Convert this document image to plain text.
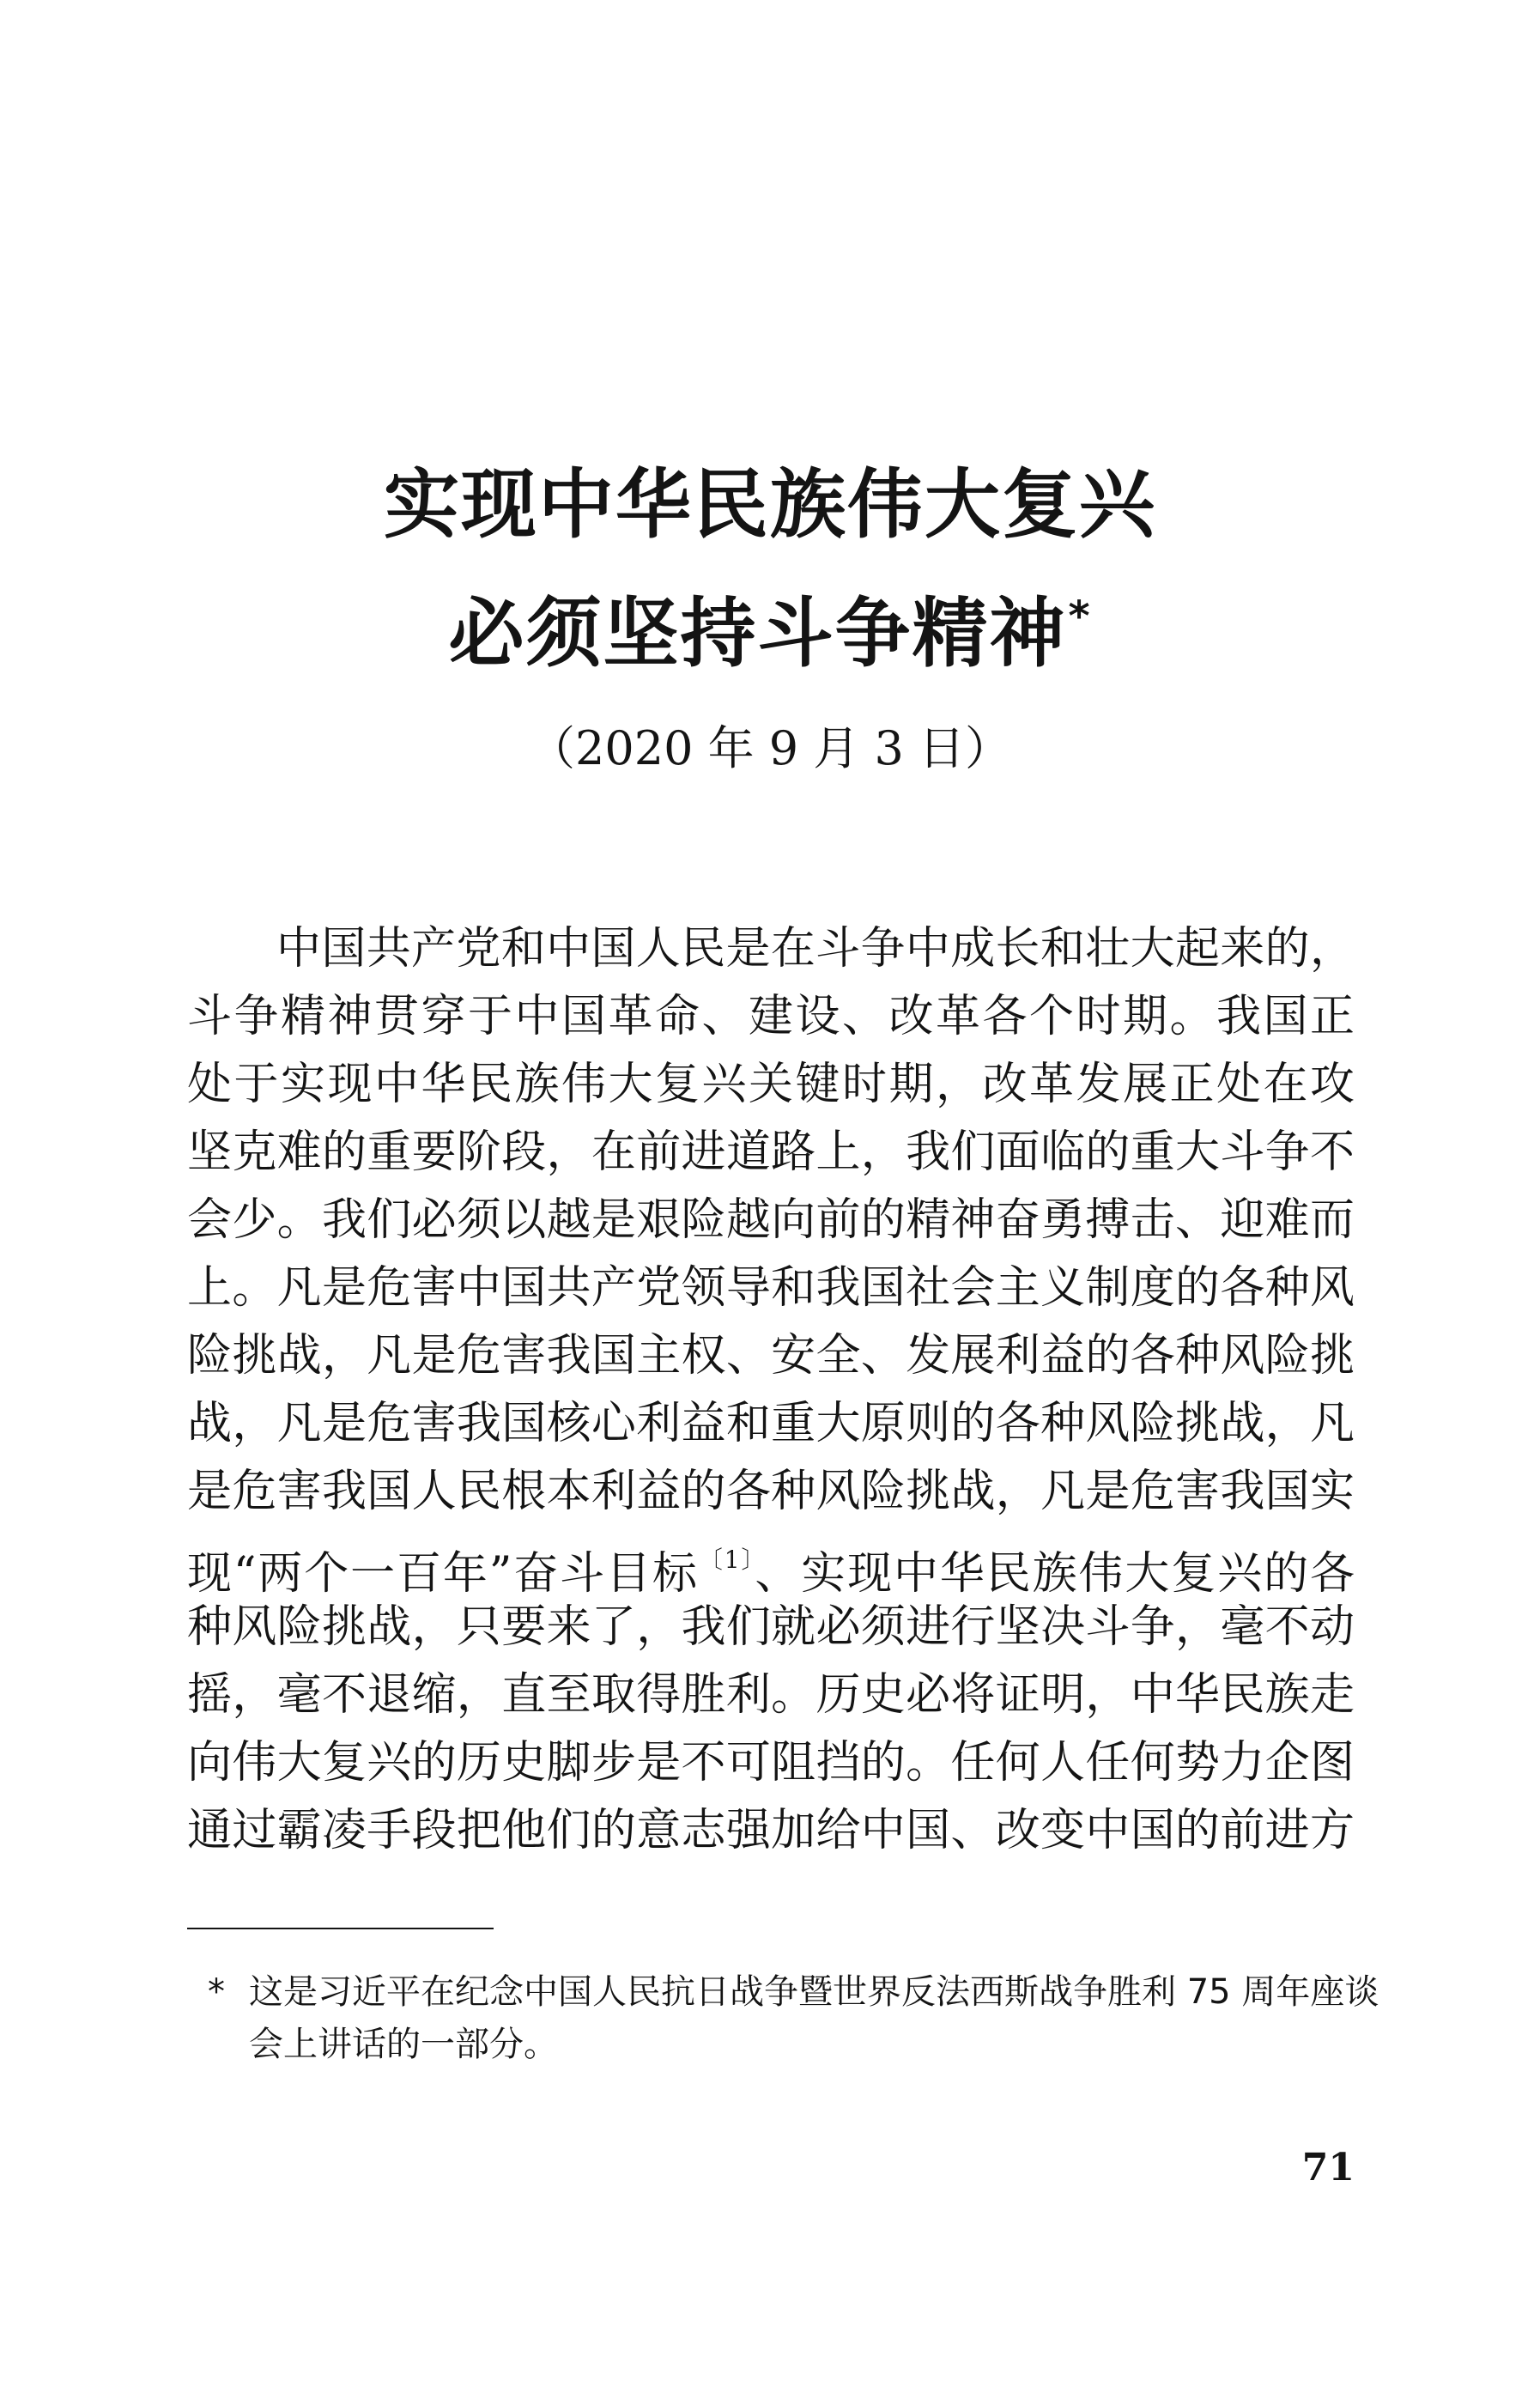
实现中华民族伟大复兴
必须坚持斗争精神*
（2020 年 9 月 3 日）
中国共产党和中国人民是在斗争中成长和壮大起来的，
斗争精神贯穿于中国革命、建设、改革各个时期。我国正
处于实现中华民族伟大复兴关键时期，改革发展正处在攻
坚克难的重要阶段，在前进道路上，我们面临的重大斗争不
会少。我们必须以越是艰险越向前的精神奋勇搏击、迎难而
上。凡是危害中国共产党领导和我国社会主义制度的各种风
险挑战，凡是危害我国主权、安全、发展利益的各种风险挑
战，凡是危害我国核心利益和重大原则的各种风险挑战，凡
是危害我国人民根本利益的各种风险挑战，凡是危害我国实
现“两个一百年”奋斗目标$^{〔1〕}$、实现中华民族伟大复兴的各
种风险挑战，只要来了，我们就必须进行坚决斗争，毫不动
摇，毫不退缩，直至取得胜利。历史必将证明，中华民族走
向伟大复兴的历史脚步是不可阻挡的。任何人任何势力企图
通过霸凌手段把他们的意志强加给中国、改变中国的前进方
* 这是习近平在纪念中国人民抗日战争暨世界反法西斯战争胜利 75 周年座谈
会上讲话的一部分。
71
